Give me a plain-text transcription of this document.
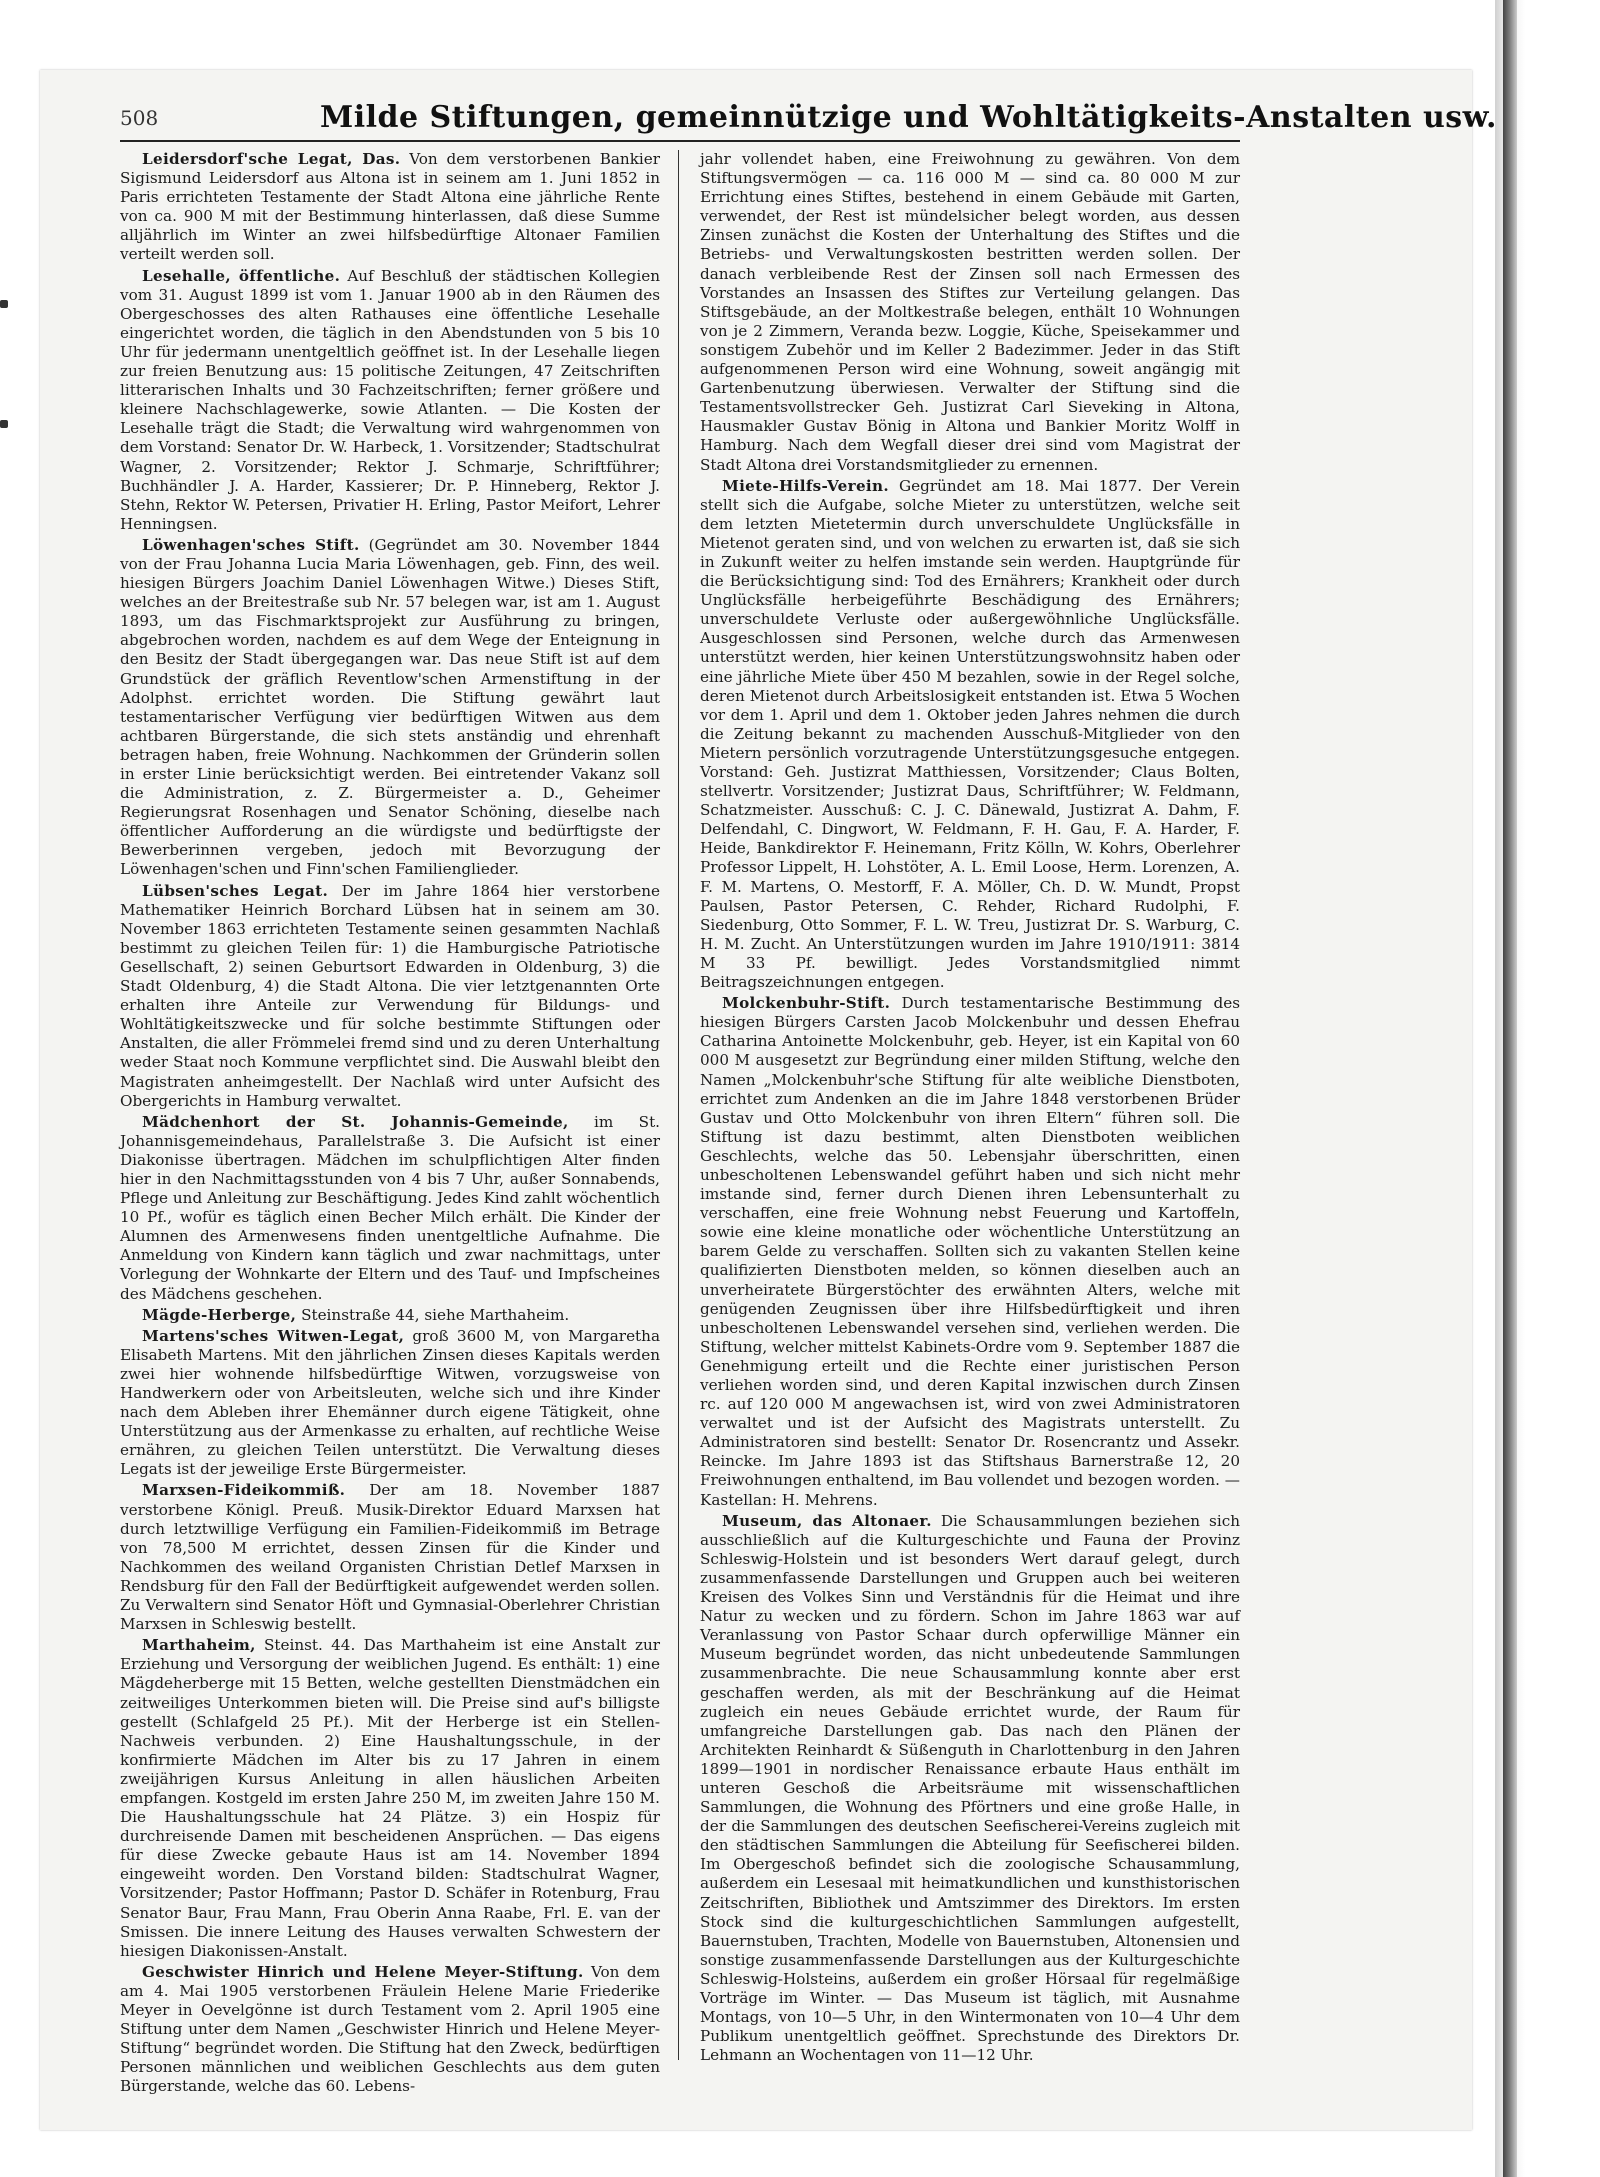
508	Milde Stiftungen, gemeinnützige und Wohltätigkeits-Anstalten usw.

Leidersdorf'sche Legat, Das. Von dem verstorbenen Bankier Sigismund Leidersdorf aus Altona ist in seinem am 1. Juni 1852 in Paris errichteten Testamente der Stadt Altona eine jährliche Rente von ca. 900 M mit der Bestimmung hinterlassen, daß diese Summe alljährlich im Winter an zwei hilfsbedürftige Altonaer Familien verteilt werden soll.

Lesehalle, öffentliche. Auf Beschluß der städtischen Kollegien vom 31. August 1899 ist vom 1. Januar 1900 ab in den Räumen des Obergeschosses des alten Rathauses eine öffentliche Lesehalle eingerichtet worden, die täglich in den Abendstunden von 5 bis 10 Uhr für jedermann unentgeltlich geöffnet ist. In der Lesehalle liegen zur freien Benutzung aus: 15 politische Zeitungen, 47 Zeitschriften litterarischen Inhalts und 30 Fachzeitschriften; ferner größere und kleinere Nachschlagewerke, sowie Atlanten. — Die Kosten der Lesehalle trägt die Stadt; die Verwaltung wird wahrgenommen von dem Vorstand: Senator Dr. W. Harbeck, 1. Vorsitzender; Stadtschulrat Wagner, 2. Vorsitzender; Rektor J. Schmarje, Schriftführer; Buchhändler J. A. Harder, Kassierer; Dr. P. Hinneberg, Rektor J. Stehn, Rektor W. Petersen, Privatier H. Erling, Pastor Meifort, Lehrer Henningsen.

Löwenhagen'sches Stift. (Gegründet am 30. November 1844 von der Frau Johanna Lucia Maria Löwenhagen, geb. Finn, des weil. hiesigen Bürgers Joachim Daniel Löwenhagen Witwe.) Dieses Stift, welches an der Breitestraße sub Nr. 57 belegen war, ist am 1. August 1893, um das Fischmarktsprojekt zur Ausführung zu bringen, abgebrochen worden, nachdem es auf dem Wege der Enteignung in den Besitz der Stadt übergegangen war. Das neue Stift ist auf dem Grundstück der gräflich Reventlow'schen Armenstiftung in der Adolphst. errichtet worden. Die Stiftung gewährt laut testamentarischer Verfügung vier bedürftigen Witwen aus dem achtbaren Bürgerstande, die sich stets anständig und ehrenhaft betragen haben, freie Wohnung. Nachkommen der Gründerin sollen in erster Linie berücksichtigt werden. Bei eintretender Vakanz soll die Administration, z. Z. Bürgermeister a. D., Geheimer Regierungsrat Rosenhagen und Senator Schöning, dieselbe nach öffentlicher Aufforderung an die würdigste und bedürftigste der Bewerberinnen vergeben, jedoch mit Bevorzugung der Löwenhagen'schen und Finn'schen Familienglieder.

Lübsen'sches Legat. Der im Jahre 1864 hier verstorbene Mathematiker Heinrich Borchard Lübsen hat in seinem am 30. November 1863 errichteten Testamente seinen gesammten Nachlaß bestimmt zu gleichen Teilen für: 1) die Hamburgische Patriotische Gesellschaft, 2) seinen Geburtsort Edwarden in Oldenburg, 3) die Stadt Oldenburg, 4) die Stadt Altona. Die vier letztgenannten Orte erhalten ihre Anteile zur Verwendung für Bildungs- und Wohltätigkeitszwecke und für solche bestimmte Stiftungen oder Anstalten, die aller Frömmelei fremd sind und zu deren Unterhaltung weder Staat noch Kommune verpflichtet sind. Die Auswahl bleibt den Magistraten anheimgestellt. Der Nachlaß wird unter Aufsicht des Obergerichts in Hamburg verwaltet.

Mädchenhort der St. Johannis-Gemeinde, im St. Johannisgemeindehaus, Parallelstraße 3. Die Aufsicht ist einer Diakonisse übertragen. Mädchen im schulpflichtigen Alter finden hier in den Nachmittagsstunden von 4 bis 7 Uhr, außer Sonnabends, Pflege und Anleitung zur Beschäftigung. Jedes Kind zahlt wöchentlich 10 Pf., wofür es täglich einen Becher Milch erhält. Die Kinder der Alumnen des Armenwesens finden unentgeltliche Aufnahme. Die Anmeldung von Kindern kann täglich und zwar nachmittags, unter Vorlegung der Wohnkarte der Eltern und des Tauf- und Impfscheines des Mädchens geschehen.

Mägde-Herberge, Steinstraße 44, siehe Marthaheim.

Martens'sches Witwen-Legat, groß 3600 M, von Margaretha Elisabeth Martens. Mit den jährlichen Zinsen dieses Kapitals werden zwei hier wohnende hilfsbedürftige Witwen, vorzugsweise von Handwerkern oder von Arbeitsleuten, welche sich und ihre Kinder nach dem Ableben ihrer Ehemänner durch eigene Tätigkeit, ohne Unterstützung aus der Armenkasse zu erhalten, auf rechtliche Weise ernähren, zu gleichen Teilen unterstützt. Die Verwaltung dieses Legats ist der jeweilige Erste Bürgermeister.

Marxsen-Fideikommiß. Der am 18. November 1887 verstorbene Königl. Preuß. Musik-Direktor Eduard Marxsen hat durch letztwillige Verfügung ein Familien-Fideikommiß im Betrage von 78,500 M errichtet, dessen Zinsen für die Kinder und Nachkommen des weiland Organisten Christian Detlef Marxsen in Rendsburg für den Fall der Bedürftigkeit aufgewendet werden sollen. Zu Verwaltern sind Senator Höft und Gymnasial-Oberlehrer Christian Marxsen in Schleswig bestellt.

Marthaheim, Steinst. 44. Das Marthaheim ist eine Anstalt zur Erziehung und Versorgung der weiblichen Jugend. Es enthält: 1) eine Mägdeherberge mit 15 Betten, welche gestellten Dienstmädchen ein zeitweiliges Unterkommen bieten will. Die Preise sind auf's billigste gestellt (Schlafgeld 25 Pf.). Mit der Herberge ist ein Stellen-Nachweis verbunden. 2) Eine Haushaltungsschule, in der konfirmierte Mädchen im Alter bis zu 17 Jahren in einem zweijährigen Kursus Anleitung in allen häuslichen Arbeiten empfangen. Kostgeld im ersten Jahre 250 M, im zweiten Jahre 150 M. Die Haushaltungsschule hat 24 Plätze. 3) ein Hospiz für durchreisende Damen mit bescheidenen Ansprüchen. — Das eigens für diese Zwecke gebaute Haus ist am 14. November 1894 eingeweiht worden. Den Vorstand bilden: Stadtschulrat Wagner, Vorsitzender; Pastor Hoffmann; Pastor D. Schäfer in Rotenburg, Frau Senator Baur, Frau Mann, Frau Oberin Anna Raabe, Frl. E. van der Smissen. Die innere Leitung des Hauses verwalten Schwestern der hiesigen Diakonissen-Anstalt.

Geschwister Hinrich und Helene Meyer-Stiftung. Von dem am 4. Mai 1905 verstorbenen Fräulein Helene Marie Friederike Meyer in Oevelgönne ist durch Testament vom 2. April 1905 eine Stiftung unter dem Namen „Geschwister Hinrich und Helene Meyer-Stiftung“ begründet worden. Die Stiftung hat den Zweck, bedürftigen Personen männlichen und weiblichen Geschlechts aus dem guten Bürgerstande, welche das 60. Lebens-

jahr vollendet haben, eine Freiwohnung zu gewähren. Von dem Stiftungsvermögen — ca. 116 000 M — sind ca. 80 000 M zur Errichtung eines Stiftes, bestehend in einem Gebäude mit Garten, verwendet, der Rest ist mündelsicher belegt worden, aus dessen Zinsen zunächst die Kosten der Unterhaltung des Stiftes und die Betriebs- und Verwaltungskosten bestritten werden sollen. Der danach verbleibende Rest der Zinsen soll nach Ermessen des Vorstandes an Insassen des Stiftes zur Verteilung gelangen. Das Stiftsgebäude, an der Moltkestraße belegen, enthält 10 Wohnungen von je 2 Zimmern, Veranda bezw. Loggie, Küche, Speisekammer und sonstigem Zubehör und im Keller 2 Badezimmer. Jeder in das Stift aufgenommenen Person wird eine Wohnung, soweit angängig mit Gartenbenutzung überwiesen. Verwalter der Stiftung sind die Testamentsvollstrecker Geh. Justizrat Carl Sieveking in Altona, Hausmakler Gustav Bönig in Altona und Bankier Moritz Wolff in Hamburg. Nach dem Wegfall dieser drei sind vom Magistrat der Stadt Altona drei Vorstandsmitglieder zu ernennen.

Miete-Hilfs-Verein. Gegründet am 18. Mai 1877. Der Verein stellt sich die Aufgabe, solche Mieter zu unterstützen, welche seit dem letzten Mietetermin durch unverschuldete Unglücksfälle in Mietenot geraten sind, und von welchen zu erwarten ist, daß sie sich in Zukunft weiter zu helfen imstande sein werden. Hauptgründe für die Berücksichtigung sind: Tod des Ernährers; Krankheit oder durch Unglücksfälle herbeigeführte Beschädigung des Ernährers; unverschuldete Verluste oder außergewöhnliche Unglücksfälle. Ausgeschlossen sind Personen, welche durch das Armenwesen unterstützt werden, hier keinen Unterstützungswohnsitz haben oder eine jährliche Miete über 450 M bezahlen, sowie in der Regel solche, deren Mietenot durch Arbeitslosigkeit entstanden ist. Etwa 5 Wochen vor dem 1. April und dem 1. Oktober jeden Jahres nehmen die durch die Zeitung bekannt zu machenden Ausschuß-Mitglieder von den Mietern persönlich vorzutragende Unterstützungsgesuche entgegen. Vorstand: Geh. Justizrat Matthiessen, Vorsitzender; Claus Bolten, stellvertr. Vorsitzender; Justizrat Daus, Schriftführer; W. Feldmann, Schatzmeister. Ausschuß: C. J. C. Dänewald, Justizrat A. Dahm, F. Delfendahl, C. Dingwort, W. Feldmann, F. H. Gau, F. A. Harder, F. Heide, Bankdirektor F. Heinemann, Fritz Kölln, W. Kohrs, Oberlehrer Professor Lippelt, H. Lohstöter, A. L. Emil Loose, Herm. Lorenzen, A. F. M. Martens, O. Mestorff, F. A. Möller, Ch. D. W. Mundt, Propst Paulsen, Pastor Petersen, C. Rehder, Richard Rudolphi, F. Siedenburg, Otto Sommer, F. L. W. Treu, Justizrat Dr. S. Warburg, C. H. M. Zucht. An Unterstützungen wurden im Jahre 1910/1911: 3814 M 33 Pf. bewilligt. Jedes Vorstandsmitglied nimmt Beitragszeichnungen entgegen.

Molckenbuhr-Stift. Durch testamentarische Bestimmung des hiesigen Bürgers Carsten Jacob Molckenbuhr und dessen Ehefrau Catharina Antoinette Molckenbuhr, geb. Heyer, ist ein Kapital von 60 000 M ausgesetzt zur Begründung einer milden Stiftung, welche den Namen „Molckenbuhr'sche Stiftung für alte weibliche Dienstboten, errichtet zum Andenken an die im Jahre 1848 verstorbenen Brüder Gustav und Otto Molckenbuhr von ihren Eltern“ führen soll. Die Stiftung ist dazu bestimmt, alten Dienstboten weiblichen Geschlechts, welche das 50. Lebensjahr überschritten, einen unbescholtenen Lebenswandel geführt haben und sich nicht mehr imstande sind, ferner durch Dienen ihren Lebensunterhalt zu verschaffen, eine freie Wohnung nebst Feuerung und Kartoffeln, sowie eine kleine monatliche oder wöchentliche Unterstützung an barem Gelde zu verschaffen. Sollten sich zu vakanten Stellen keine qualifizierten Dienstboten melden, so können dieselben auch an unverheiratete Bürgerstöchter des erwähnten Alters, welche mit genügenden Zeugnissen über ihre Hilfsbedürftigkeit und ihren unbescholtenen Lebenswandel versehen sind, verliehen werden. Die Stiftung, welcher mittelst Kabinets-Ordre vom 9. September 1887 die Genehmigung erteilt und die Rechte einer juristischen Person verliehen worden sind, und deren Kapital inzwischen durch Zinsen rc. auf 120 000 M angewachsen ist, wird von zwei Administratoren verwaltet und ist der Aufsicht des Magistrats unterstellt. Zu Administratoren sind bestellt: Senator Dr. Rosencrantz und Assekr. Reincke. Im Jahre 1893 ist das Stiftshaus Barnerstraße 12, 20 Freiwohnungen enthaltend, im Bau vollendet und bezogen worden. — Kastellan: H. Mehrens.

Museum, das Altonaer. Die Schausammlungen beziehen sich ausschließlich auf die Kulturgeschichte und Fauna der Provinz Schleswig-Holstein und ist besonders Wert darauf gelegt, durch zusammenfassende Darstellungen und Gruppen auch bei weiteren Kreisen des Volkes Sinn und Verständnis für die Heimat und ihre Natur zu wecken und zu fördern. Schon im Jahre 1863 war auf Veranlassung von Pastor Schaar durch opferwillige Männer ein Museum begründet worden, das nicht unbedeutende Sammlungen zusammenbrachte. Die neue Schausammlung konnte aber erst geschaffen werden, als mit der Beschränkung auf die Heimat zugleich ein neues Gebäude errichtet wurde, der Raum für umfangreiche Darstellungen gab. Das nach den Plänen der Architekten Reinhardt & Süßenguth in Charlottenburg in den Jahren 1899—1901 in nordischer Renaissance erbaute Haus enthält im unteren Geschoß die Arbeitsräume mit wissenschaftlichen Sammlungen, die Wohnung des Pförtners und eine große Halle, in der die Sammlungen des deutschen Seefischerei-Vereins zugleich mit den städtischen Sammlungen die Abteilung für Seefischerei bilden. Im Obergeschoß befindet sich die zoologische Schausammlung, außerdem ein Lesesaal mit heimatkundlichen und kunsthistorischen Zeitschriften, Bibliothek und Amtszimmer des Direktors. Im ersten Stock sind die kulturgeschichtlichen Sammlungen aufgestellt, Bauernstuben, Trachten, Modelle von Bauernstuben, Altonensien und sonstige zusammenfassende Darstellungen aus der Kulturgeschichte Schleswig-Holsteins, außerdem ein großer Hörsaal für regelmäßige Vorträge im Winter. — Das Museum ist täglich, mit Ausnahme Montags, von 10—5 Uhr, in den Wintermonaten von 10—4 Uhr dem Publikum unentgeltlich geöffnet. Sprechstunde des Direktors Dr. Lehmann an Wochentagen von 11—12 Uhr.
